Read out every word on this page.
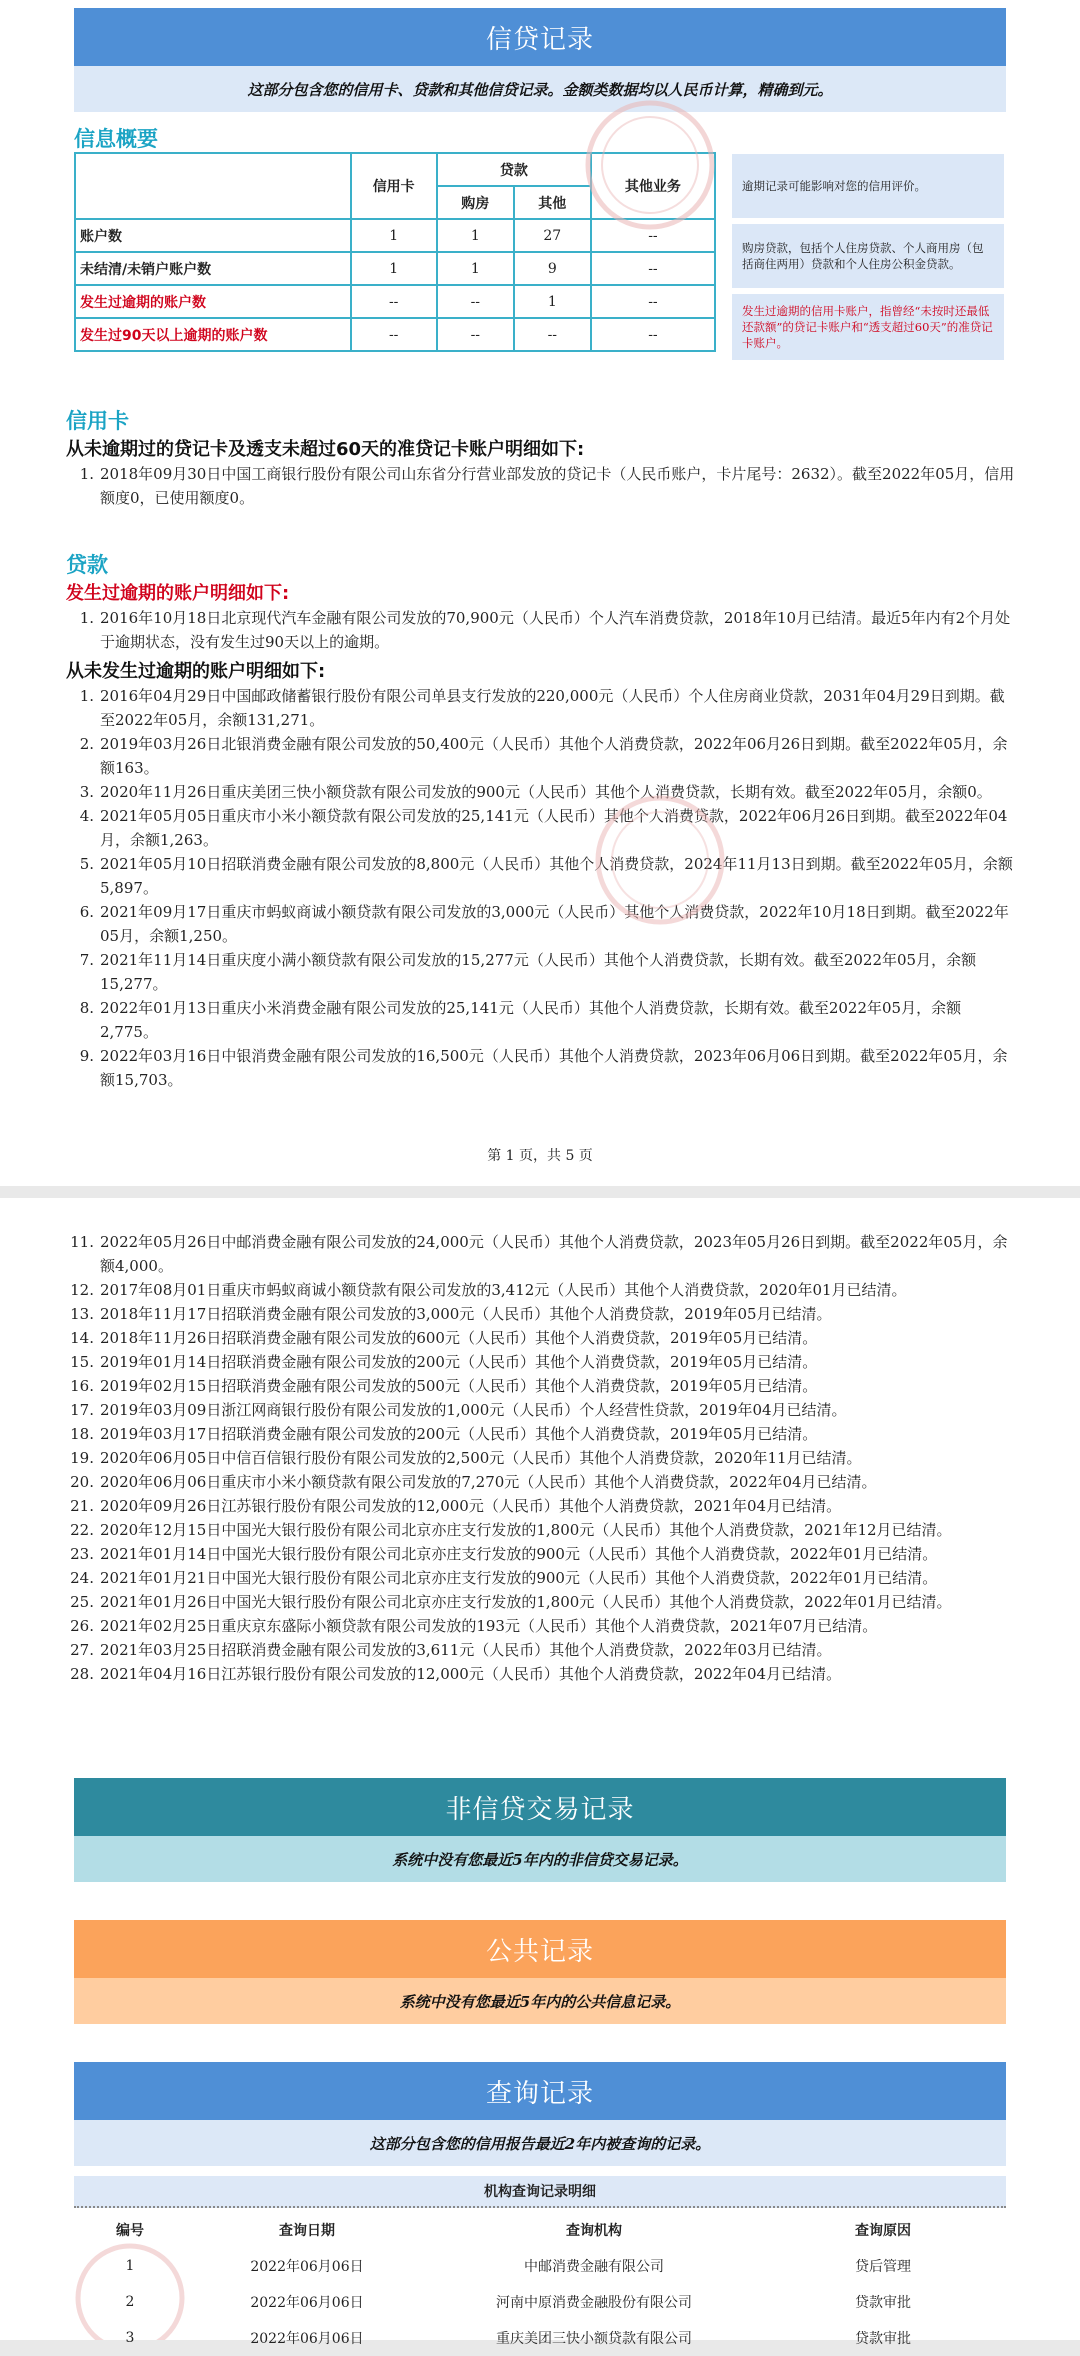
信贷记录
这部分包含您的信用卡、贷款和其他信贷记录。金额类数据均以人民币计算，精确到元。
信息概要
	信用卡	贷款		其他业务
		购房	其他	
账户数	1	1	27	--
未结清/未销户账户数	1	1	9	--
发生过逾期的账户数	--	--	1	--
发生过90天以上逾期的账户数	--	--	--	--
逾期记录可能影响对您的信用评价。
购房贷款，包括个人住房贷款、个人商用房（包括商住两用）贷款和个人住房公积金贷款。
发生过逾期的信用卡账户，指曾经“未按时还最低还款额”的贷记卡账户和“透支超过60天”的准贷记卡账户。
信用卡
从未逾期过的贷记卡及透支未超过60天的准贷记卡账户明细如下:
1. 2018年09月30日中国工商银行股份有限公司山东省分行营业部发放的贷记卡（人民币账户，卡片尾号：2632）。截至2022年05月，信用额度0，已使用额度0。
贷款
发生过逾期的账户明细如下:
1. 2016年10月18日北京现代汽车金融有限公司发放的70,900元（人民币）个人汽车消费贷款，2018年10月已结清。最近5年内有2个月处于逾期状态，没有发生过90天以上的逾期。
从未发生过逾期的账户明细如下:
1. 2016年04月29日中国邮政储蓄银行股份有限公司单县支行发放的220,000元（人民币）个人住房商业贷款，2031年04月29日到期。截至2022年05月，余额131,271。
2. 2019年03月26日北银消费金融有限公司发放的50,400元（人民币）其他个人消费贷款，2022年06月26日到期。截至2022年05月，余额163。
3. 2020年11月26日重庆美团三快小额贷款有限公司发放的900元（人民币）其他个人消费贷款，长期有效。截至2022年05月，余额0。
4. 2021年05月05日重庆市小米小额贷款有限公司发放的25,141元（人民币）其他个人消费贷款，2022年06月26日到期。截至2022年04月，余额1,263。
5. 2021年05月10日招联消费金融有限公司发放的8,800元（人民币）其他个人消费贷款，2024年11月13日到期。截至2022年05月，余额5,897。
6. 2021年09月17日重庆市蚂蚁商诚小额贷款有限公司发放的3,000元（人民币）其他个人消费贷款，2022年10月18日到期。截至2022年05月，余额1,250。
7. 2021年11月14日重庆度小满小额贷款有限公司发放的15,277元（人民币）其他个人消费贷款，长期有效。截至2022年05月，余额15,277。
8. 2022年01月13日重庆小米消费金融有限公司发放的25,141元（人民币）其他个人消费贷款，长期有效。截至2022年05月，余额2,775。
9. 2022年03月16日中银消费金融有限公司发放的16,500元（人民币）其他个人消费贷款，2023年06月06日到期。截至2022年05月，余额15,703。
第 1 页，共 5 页
11. 2022年05月26日中邮消费金融有限公司发放的24,000元（人民币）其他个人消费贷款，2023年05月26日到期。截至2022年05月，余额4,000。
12. 2017年08月01日重庆市蚂蚁商诚小额贷款有限公司发放的3,412元（人民币）其他个人消费贷款，2020年01月已结清。
13. 2018年11月17日招联消费金融有限公司发放的3,000元（人民币）其他个人消费贷款，2019年05月已结清。
14. 2018年11月26日招联消费金融有限公司发放的600元（人民币）其他个人消费贷款，2019年05月已结清。
15. 2019年01月14日招联消费金融有限公司发放的200元（人民币）其他个人消费贷款，2019年05月已结清。
16. 2019年02月15日招联消费金融有限公司发放的500元（人民币）其他个人消费贷款，2019年05月已结清。
17. 2019年03月09日浙江网商银行股份有限公司发放的1,000元（人民币）个人经营性贷款，2019年04月已结清。
18. 2019年03月17日招联消费金融有限公司发放的200元（人民币）其他个人消费贷款，2019年05月已结清。
19. 2020年06月05日中信百信银行股份有限公司发放的2,500元（人民币）其他个人消费贷款，2020年11月已结清。
20. 2020年06月06日重庆市小米小额贷款有限公司发放的7,270元（人民币）其他个人消费贷款，2022年04月已结清。
21. 2020年09月26日江苏银行股份有限公司发放的12,000元（人民币）其他个人消费贷款，2021年04月已结清。
22. 2020年12月15日中国光大银行股份有限公司北京亦庄支行发放的1,800元（人民币）其他个人消费贷款，2021年12月已结清。
23. 2021年01月14日中国光大银行股份有限公司北京亦庄支行发放的900元（人民币）其他个人消费贷款，2022年01月已结清。
24. 2021年01月21日中国光大银行股份有限公司北京亦庄支行发放的900元（人民币）其他个人消费贷款，2022年01月已结清。
25. 2021年01月26日中国光大银行股份有限公司北京亦庄支行发放的1,800元（人民币）其他个人消费贷款，2022年01月已结清。
26. 2021年02月25日重庆京东盛际小额贷款有限公司发放的193元（人民币）其他个人消费贷款，2021年07月已结清。
27. 2021年03月25日招联消费金融有限公司发放的3,611元（人民币）其他个人消费贷款，2022年03月已结清。
28. 2021年04月16日江苏银行股份有限公司发放的12,000元（人民币）其他个人消费贷款，2022年04月已结清。
非信贷交易记录
系统中没有您最近5年内的非信贷交易记录。
公共记录
系统中没有您最近5年内的公共信息记录。
查询记录
这部分包含您的信用报告最近2年内被查询的记录。
机构查询记录明细
编号	查询日期	查询机构	查询原因
1	2022年06月06日	中邮消费金融有限公司	贷后管理
2	2022年06月06日	河南中原消费金融股份有限公司	贷款审批
3	2022年06月06日	重庆美团三快小额贷款有限公司	贷款审批
